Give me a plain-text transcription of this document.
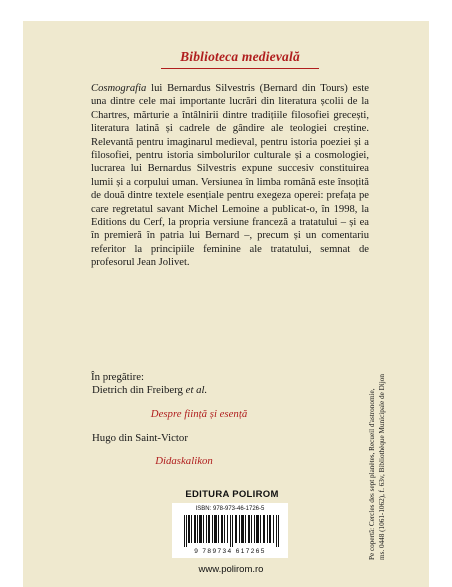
Biblioteca medievală

Cosmografia lui Bernardus Silvestris (Bernard din Tours) este una dintre cele mai importante lucrări din literatura școlii de la Chartres, mărturie a întâlnirii dintre tradițiile filosofiei grecești, literatura latină și cadrele de gândire ale teologiei creștine. Relevantă pentru imaginarul medieval, pentru istoria poeziei și a filosofiei, pentru istoria simbolurilor culturale și a cosmologiei, lucrarea lui Bernardus Silvestris expune succesiv constituirea lumii și a corpului uman. Versiunea în limba română este însoțită de două dintre textele esențiale pentru exegeza operei: prefața pe care regretatul savant Michel Lemoine a publicat-o, în 1998, la Editions du Cerf, la propria versiune franceză a tratatului – și ea în premieră în patria lui Bernard –, precum și un comentariu referitor la principiile feminine ale tratatului, semnat de profesorul Jean Jolivet.

În pregătire:

Dietrich din Freiberg et al.

Despre ființă și esență

Hugo din Saint-Victor

Didaskalikon

EDITURA POLIROM
ISBN: 978-973-46-1726-5
9 789734 617265
www.polirom.ro

Pe copertă: Cercles des sept planètes, Recueil d'astronomie, ms. 0448 (1061-1062), f. 63v, Bibliothèque Municipale de Dijon
